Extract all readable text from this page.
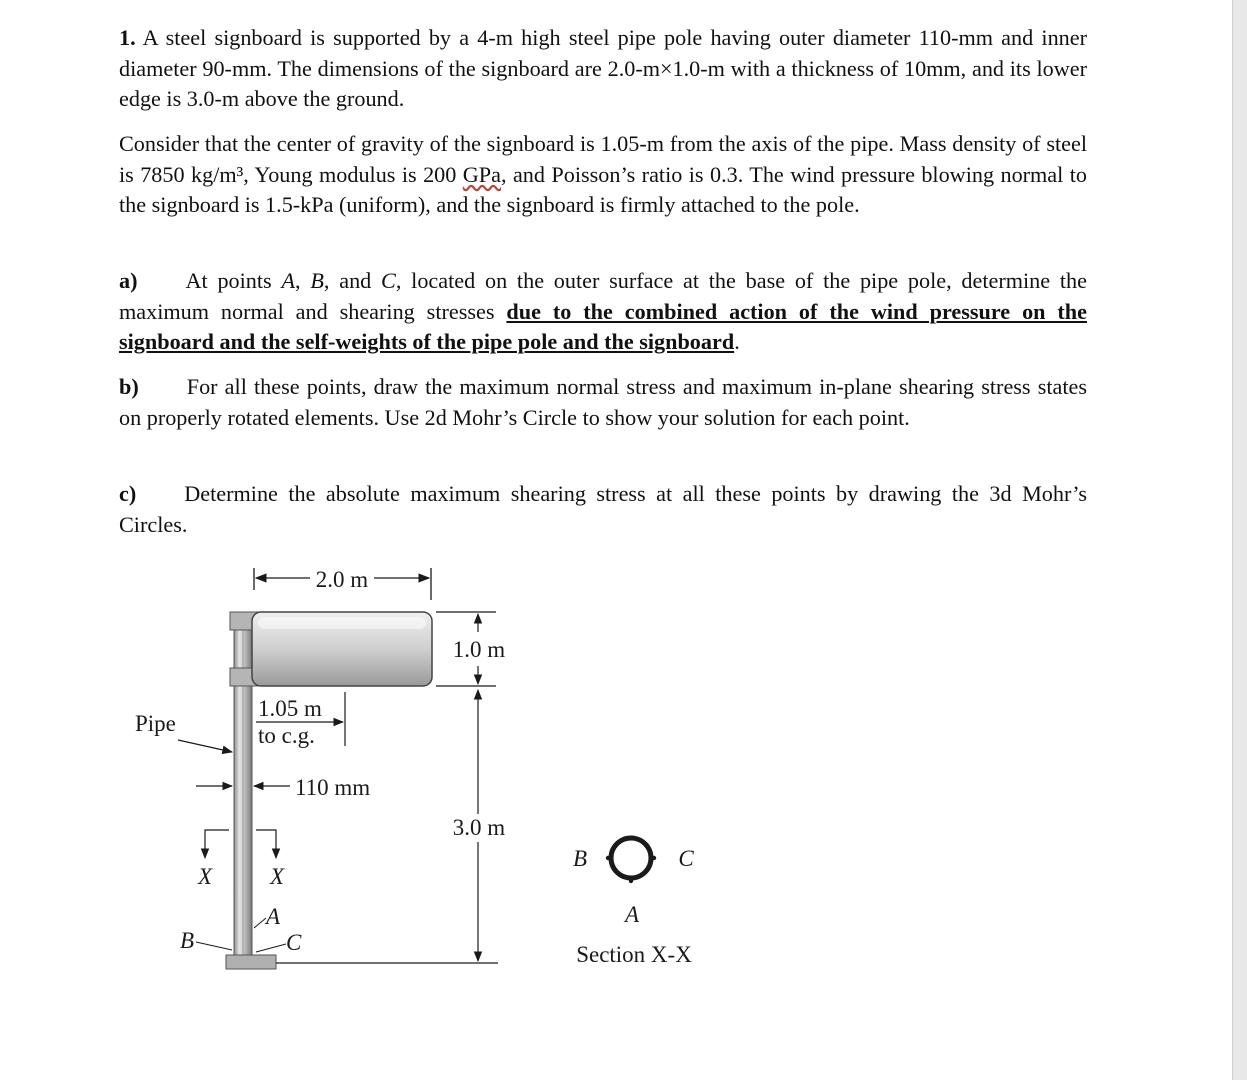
1. A steel signboard is supported by a 4-m high steel pipe pole having outer diameter 110-mm and inner diameter 90-mm. The dimensions of the signboard are 2.0-m×1.0-m with a thickness of 10mm, and its lower edge is 3.0-m above the ground.
Consider that the center of gravity of the signboard is 1.05-m from the axis of the pipe. Mass density of steel is 7850 kg/m³, Young modulus is 200 GPa, and Poisson’s ratio is 0.3. The wind pressure blowing normal to the signboard is 1.5-kPa (uniform), and the signboard is firmly attached to the pole.
a) At points A, B, and C, located on the outer surface at the base of the pipe pole, determine the maximum normal and shearing stresses due to the combined action of the wind pressure on the signboard and the self-weights of the pipe pole and the signboard.
b) For all these points, draw the maximum normal stress and maximum in-plane shearing stress states on properly rotated elements. Use 2d Mohr’s Circle to show your solution for each point.
c) Determine the absolute maximum shearing stress at all these points by drawing the 3d Mohr’s Circles.
2.0 m
1.0 m
3.0 m
1.05 m
to c.g.
Pipe
110 mm
X	X
A
B	C
B	C
A
Section X-X
